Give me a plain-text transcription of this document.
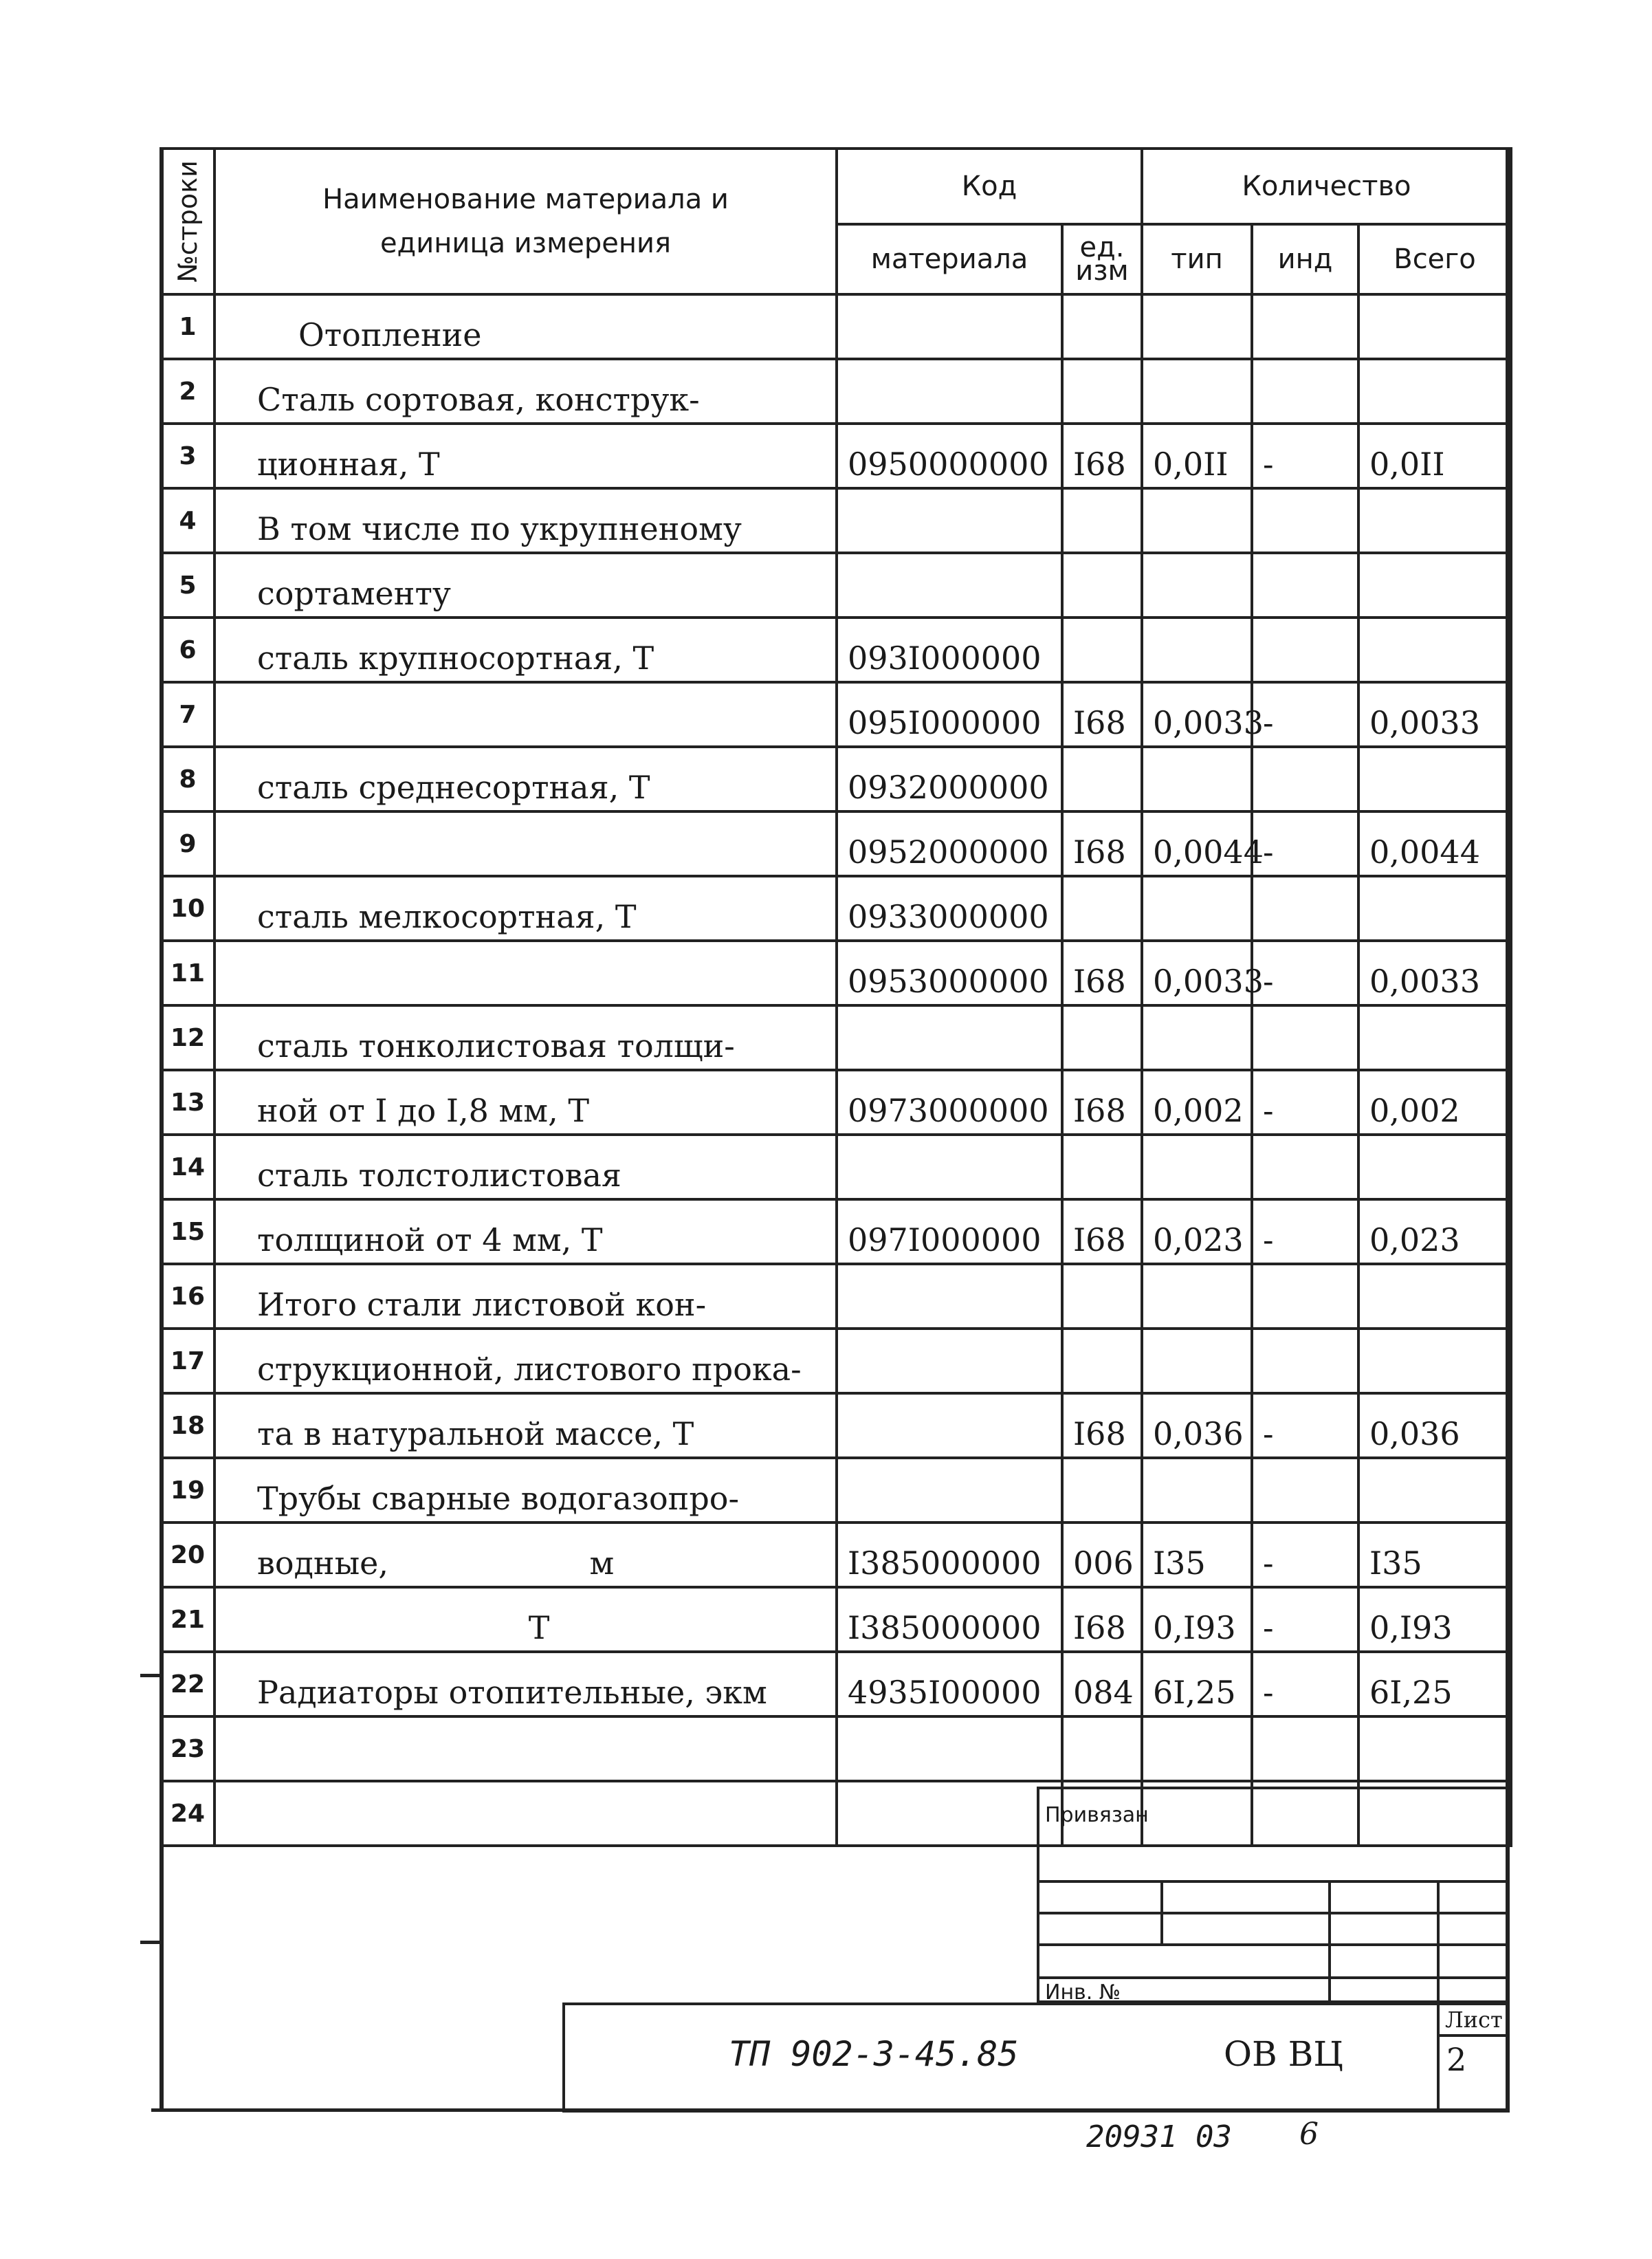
№строки	Наименование материала и единица измерения	Код		Количество		
		материала	ед. изм	тип	инд	Всего
1	Отопление					
2	Сталь сортовая, конструк-					
3	ционная, Т	0950000000	I68	0,0II	-	0,0II
4	В том числе по укрупненому					
5	сортаменту					
6	сталь крупносортная, Т	093I000000				
7		095I000000	I68	0,0033	-	0,0033
8	сталь среднесортная, Т	0932000000				
9		0952000000	I68	0,0044	-	0,0044
10	сталь мелкосортная, Т	0933000000				
11		0953000000	I68	0,0033	-	0,0033
12	сталь тонколистовая толщи-					
13	ной от I до I,8 мм, Т	0973000000	I68	0,002	-	0,002
14	сталь толстолистовая					
15	толщиной от 4 мм, Т	097I000000	I68	0,023	-	0,023
16	Итого стали листовой кон-					
17	струкционной, листового прока-					
18	та в натуральной массе, Т		I68	0,036	-	0,036
19	Трубы сварные водогазопро-					
20	водные,                    м	I385000000	006	I35	-	I35
21	Т	I385000000	I68	0,I93	-	0,I93
22	Радиаторы отопительные, экм	4935I00000	084	6I,25	-	6I,25
23						
24							Привязан
Инв. №
ТП 902-3-45.85	ОВ ВЦ
Лист
2
20931 03 6
